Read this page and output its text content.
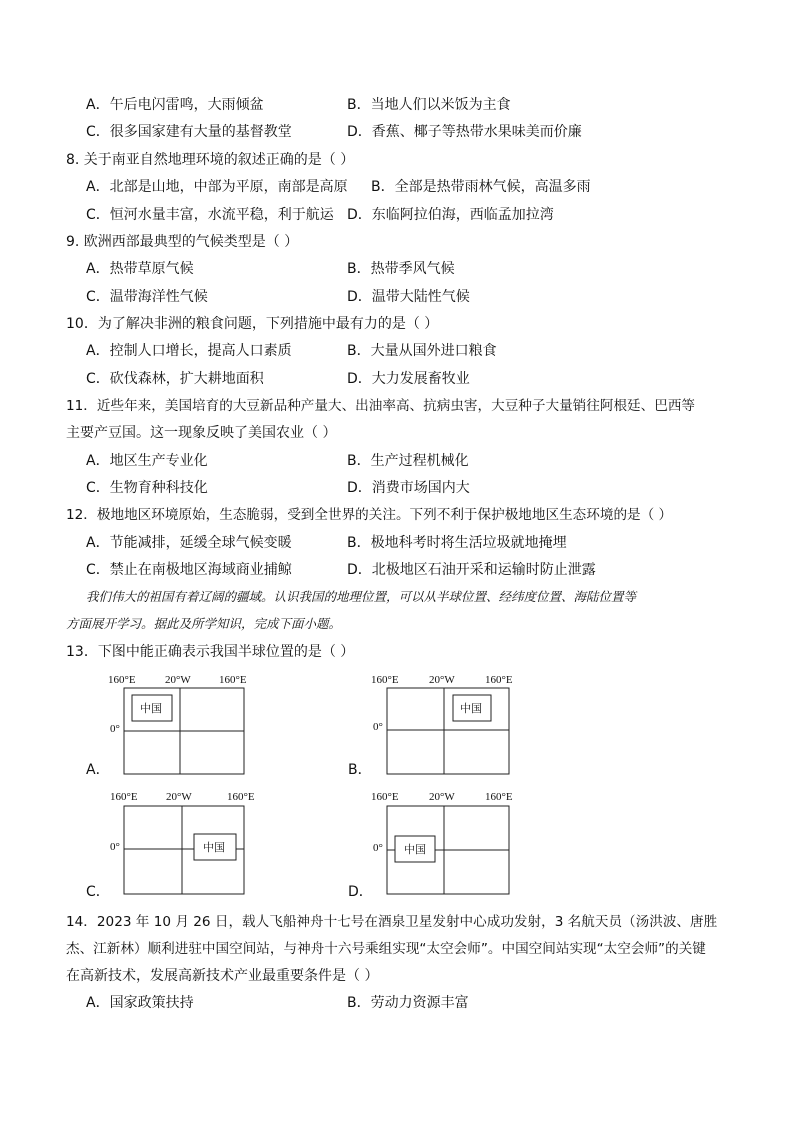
A．午后电闪雷鸣，大雨倾盆	B．当地人们以米饭为主食
C．很多国家建有大量的基督教堂	D．香蕉、椰子等热带水果味美而价廉
8. 关于南亚自然地理环境的叙述正确的是（ ）
A．北部是山地，中部为平原，南部是高原 B．全部是热带雨林气候，高温多雨
C．恒河水量丰富，水流平稳，利于航运 D．东临阿拉伯海，西临孟加拉湾
9. 欧洲西部最典型的气候类型是（ ）
A．热带草原气候	B．热带季风气候
C．温带海洋性气候	D．温带大陆性气候
10．为了解决非洲的粮食问题，下列措施中最有力的是（ ）
A．控制人口增长，提高人口素质	B．大量从国外进口粮食
C．砍伐森林，扩大耕地面积	D．大力发展畜牧业
11．近些年来，美国培育的大豆新品种产量大、出油率高、抗病虫害，大豆种子大量销往阿根廷、巴西等
主要产豆国。这一现象反映了美国农业（ ）
A．地区生产专业化	B．生产过程机械化
C．生物育种科技化	D．消费市场国内大
12．极地地区环境原始，生态脆弱，受到全世界的关注。下列不利于保护极地地区生态环境的是（ ）
A．节能减排，延缓全球气候变暖	B．极地科考时将生活垃圾就地掩埋
C．禁止在南极地区海域商业捕鲸	D．北极地区石油开采和运输时防止泄露
我们伟大的祖国有着辽阔的疆域。认识我国的地理位置，可以从半球位置、经纬度位置、海陆位置等
方面展开学习。据此及所学知识，完成下面小题。
13．下图中能正确表示我国半球位置的是（ ）
A．
160°E	20°W	160°E
0°
中国
B．
160°E	20°W	160°E
0°
中国
C．
160°E	20°W	160°E
0°	中国
D．
160°E	20°W	160°E
0° 中国
14．2023 年 10 月 26 日，载人飞船神舟十七号在酒泉卫星发射中心成功发射，3 名航天员（汤洪波、唐胜
杰、江新林）顺利进驻中国空间站，与神舟十六号乘组实现“太空会师”。中国空间站实现“太空会师”的关键
在高新技术，发展高新技术产业最重要条件是（ ）
A．国家政策扶持	B．劳动力资源丰富
